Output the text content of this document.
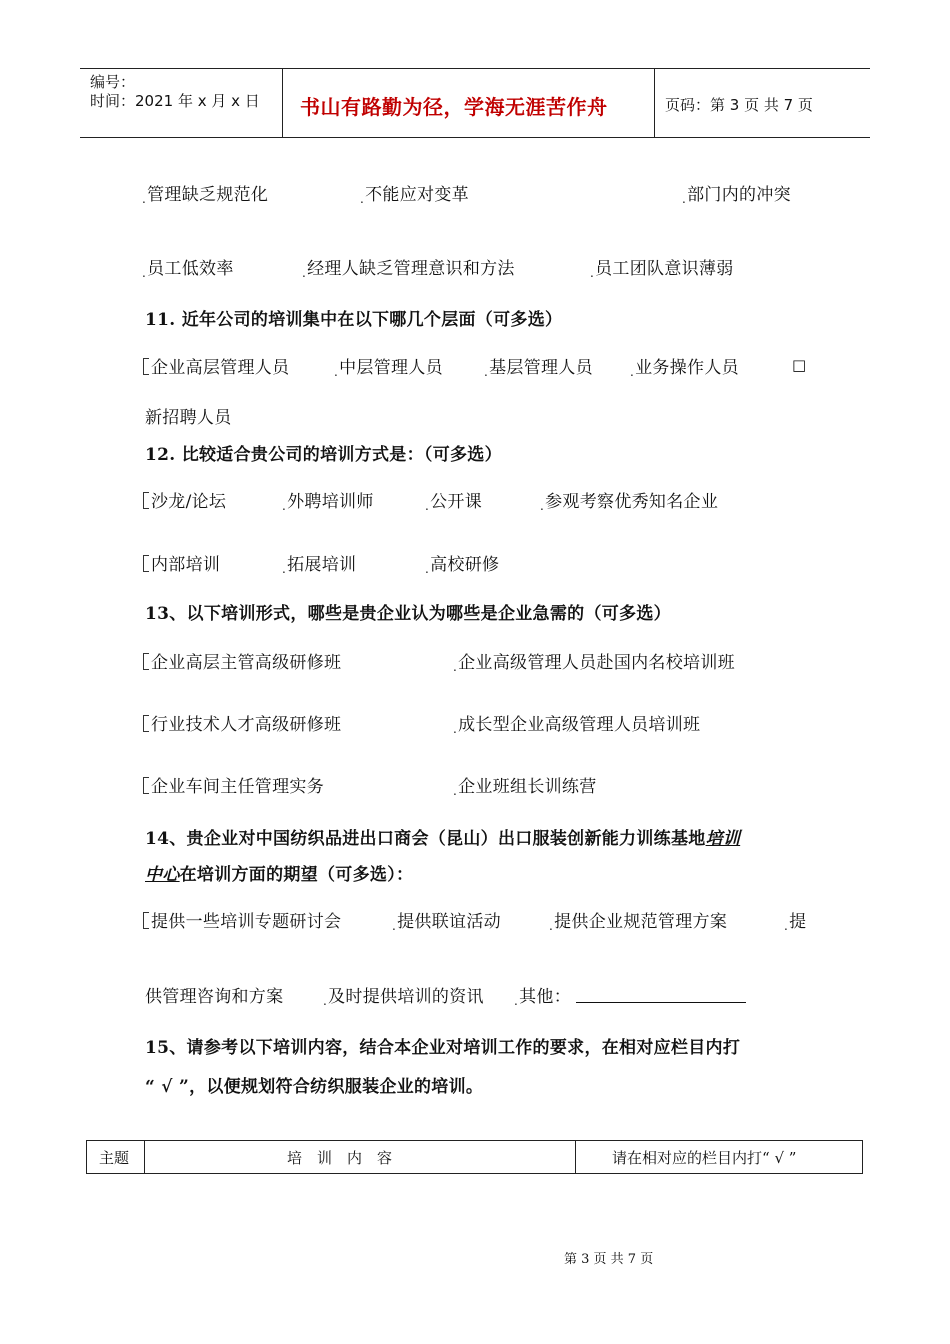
编号：
时间：2021 年 x 月 x 日 书山有路勤为径，学海无涯苦作舟	页码：第 3 页 共 7 页
.管理缺乏规范化	.不能应对变革	.部门内的冲突
.员工低效率	.经理人缺乏管理意识和方法	.员工团队意识薄弱
11. 近年公司的培训集中在以下哪几个层面（可多选）
企业高层管理人员	.中层管理人员	.基层管理人员	.业务操作人员	□
新招聘人员
12. 比较适合贵公司的培训方式是：（可多选）
沙龙/论坛	.外聘培训师	.公开课	.参观考察优秀知名企业
内部培训	.拓展培训	.高校研修
13、以下培训形式，哪些是贵企业认为哪些是企业急需的（可多选）
企业高层主管高级研修班	.企业高级管理人员赴国内名校培训班
行业技术人才高级研修班	.成长型企业高级管理人员培训班
企业车间主任管理实务	.企业班组长训练营
14、贵企业对中国纺织品进出口商会（昆山）出口服装创新能力训练基地培训
中心在培训方面的期望（可多选）：
提供一些培训专题研讨会	.提供联谊活动	.提供企业规范管理方案	.提
供管理咨询和方案	.及时提供培训的资讯	.其他：
15、请参考以下培训内容，结合本企业对培训工作的要求，在相对应栏目内打
“ √ ”，以便规划符合纺织服装企业的培训。
主题	培　训　内　容	请在相对应的栏目内打“ √ ”
第 3 页 共 7 页
